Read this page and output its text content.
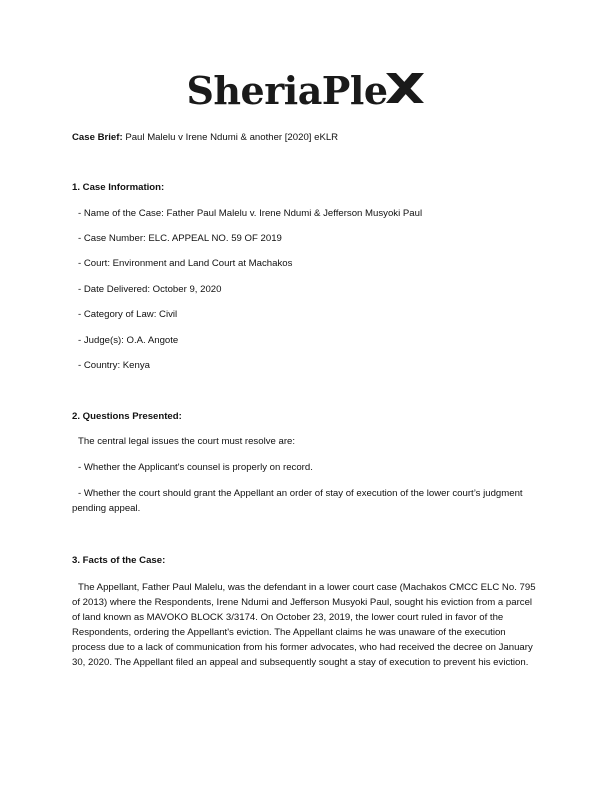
SheriaPle
Case Brief: Paul Malelu v Irene Ndumi & another [2020] eKLR
1. Case Information:
- Name of the Case: Father Paul Malelu v. Irene Ndumi & Jefferson Musyoki Paul
- Case Number: ELC. APPEAL NO. 59 OF 2019
- Court: Environment and Land Court at Machakos
- Date Delivered: October 9, 2020
- Category of Law: Civil
- Judge(s): O.A. Angote
- Country: Kenya
2. Questions Presented:
The central legal issues the court must resolve are:
- Whether the Applicant's counsel is properly on record.
- Whether the court should grant the Appellant an order of stay of execution of the lower court’s judgment pending appeal.
3. Facts of the Case:
The Appellant, Father Paul Malelu, was the defendant in a lower court case (Machakos CMCC ELC No. 795 of 2013) where the Respondents, Irene Ndumi and Jefferson Musyoki Paul, sought his eviction from a parcel of land known as MAVOKO BLOCK 3/3174. On October 23, 2019, the lower court ruled in favor of the Respondents, ordering the Appellant's eviction. The Appellant claims he was unaware of the execution process due to a lack of communication from his former advocates, who had received the decree on January 30, 2020. The Appellant filed an appeal and subsequently sought a stay of execution to prevent his eviction.
